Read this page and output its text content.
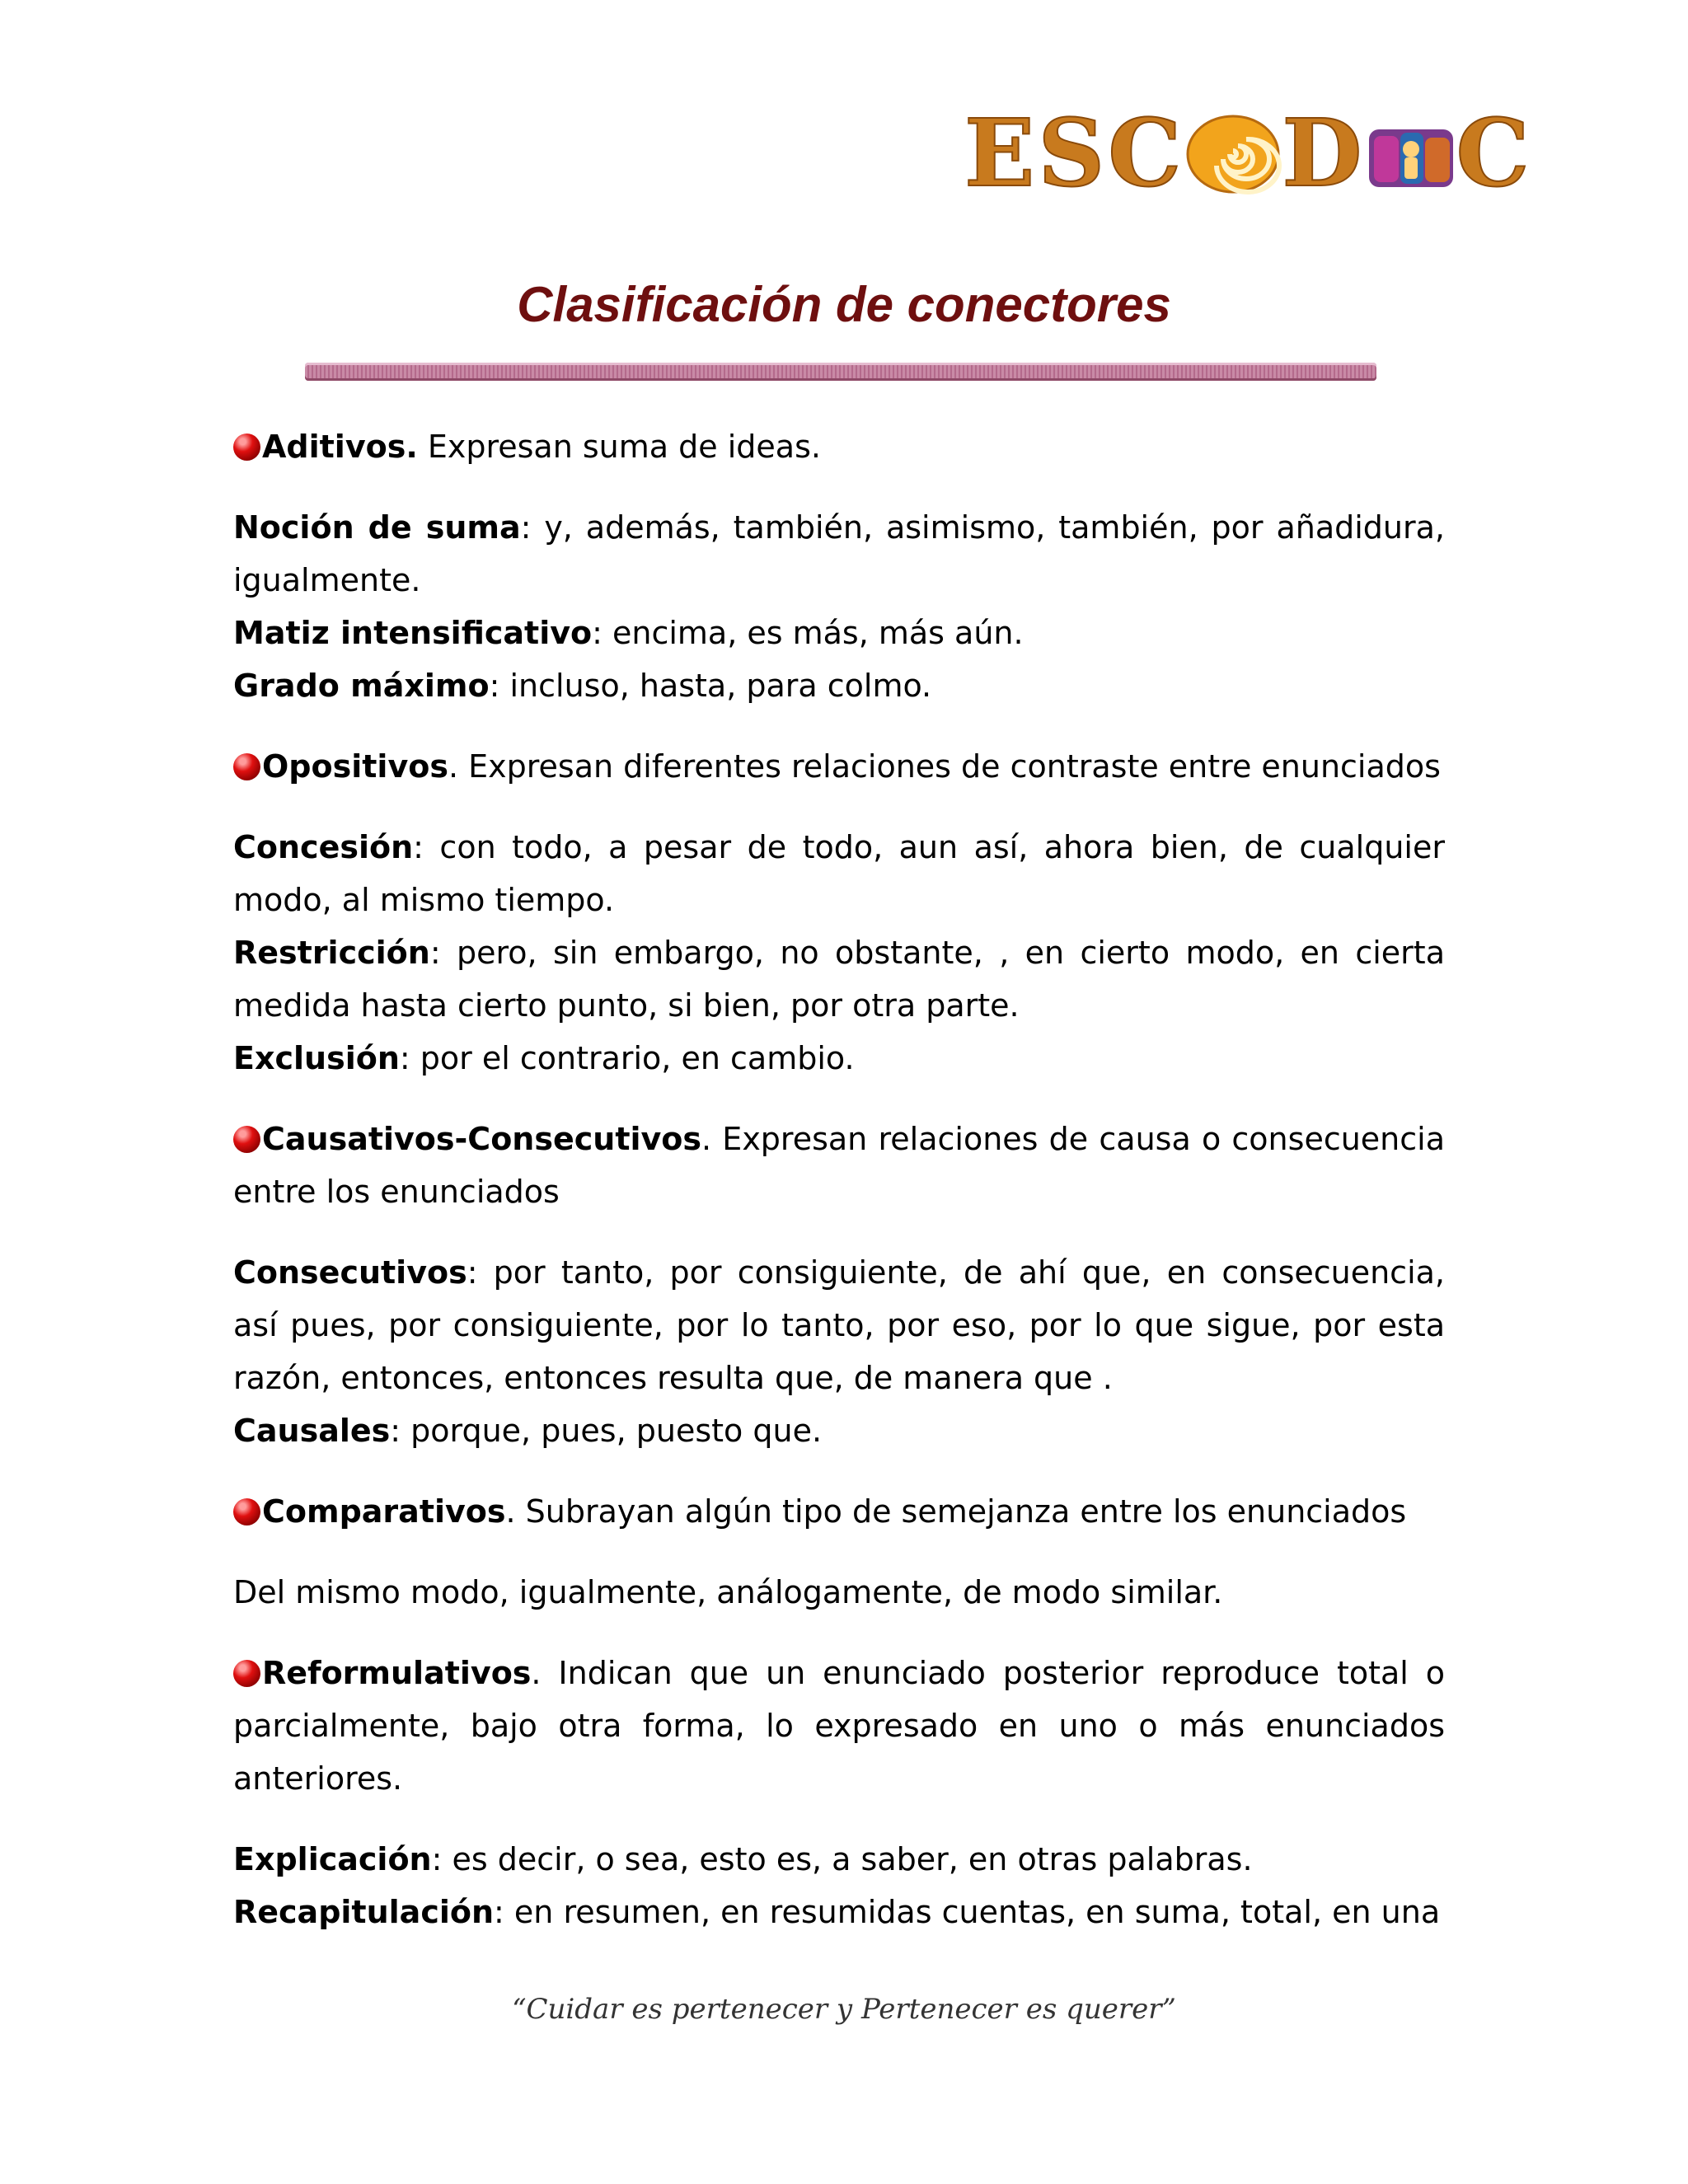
ESC D C
Clasificación de conectores

Aditivos. Expresan suma de ideas.

Noción de suma: y, además, también, asimismo, también, por añadidura, igualmente.

Matiz intensificativo: encima, es más, más aún.

Grado máximo: incluso, hasta, para colmo.

Opositivos. Expresan diferentes relaciones de contraste entre enunciados

Concesión: con todo, a pesar de todo, aun así, ahora bien, de cualquier modo, al mismo tiempo.

Restricción: pero, sin embargo, no obstante, , en cierto modo, en cierta medida hasta cierto punto, si bien, por otra parte.

Exclusión: por el contrario, en cambio.

Causativos-Consecutivos. Expresan relaciones de causa o consecuencia entre los enunciados

Consecutivos: por tanto, por consiguiente, de ahí que, en consecuencia, así pues, por consiguiente, por lo tanto, por eso, por lo que sigue, por esta razón, entonces, entonces resulta que, de manera que .

Causales: porque, pues, puesto que.

Comparativos. Subrayan algún tipo de semejanza entre los enunciados

Del mismo modo, igualmente, análogamente, de modo similar.

Reformulativos. Indican que un enunciado posterior reproduce total o parcialmente, bajo otra forma, lo expresado en uno o más enunciados anteriores.

Explicación: es decir, o sea, esto es, a saber, en otras palabras.

Recapitulación: en resumen, en resumidas cuentas, en suma, total, en una

“Cuidar es pertenecer y Pertenecer es querer”
